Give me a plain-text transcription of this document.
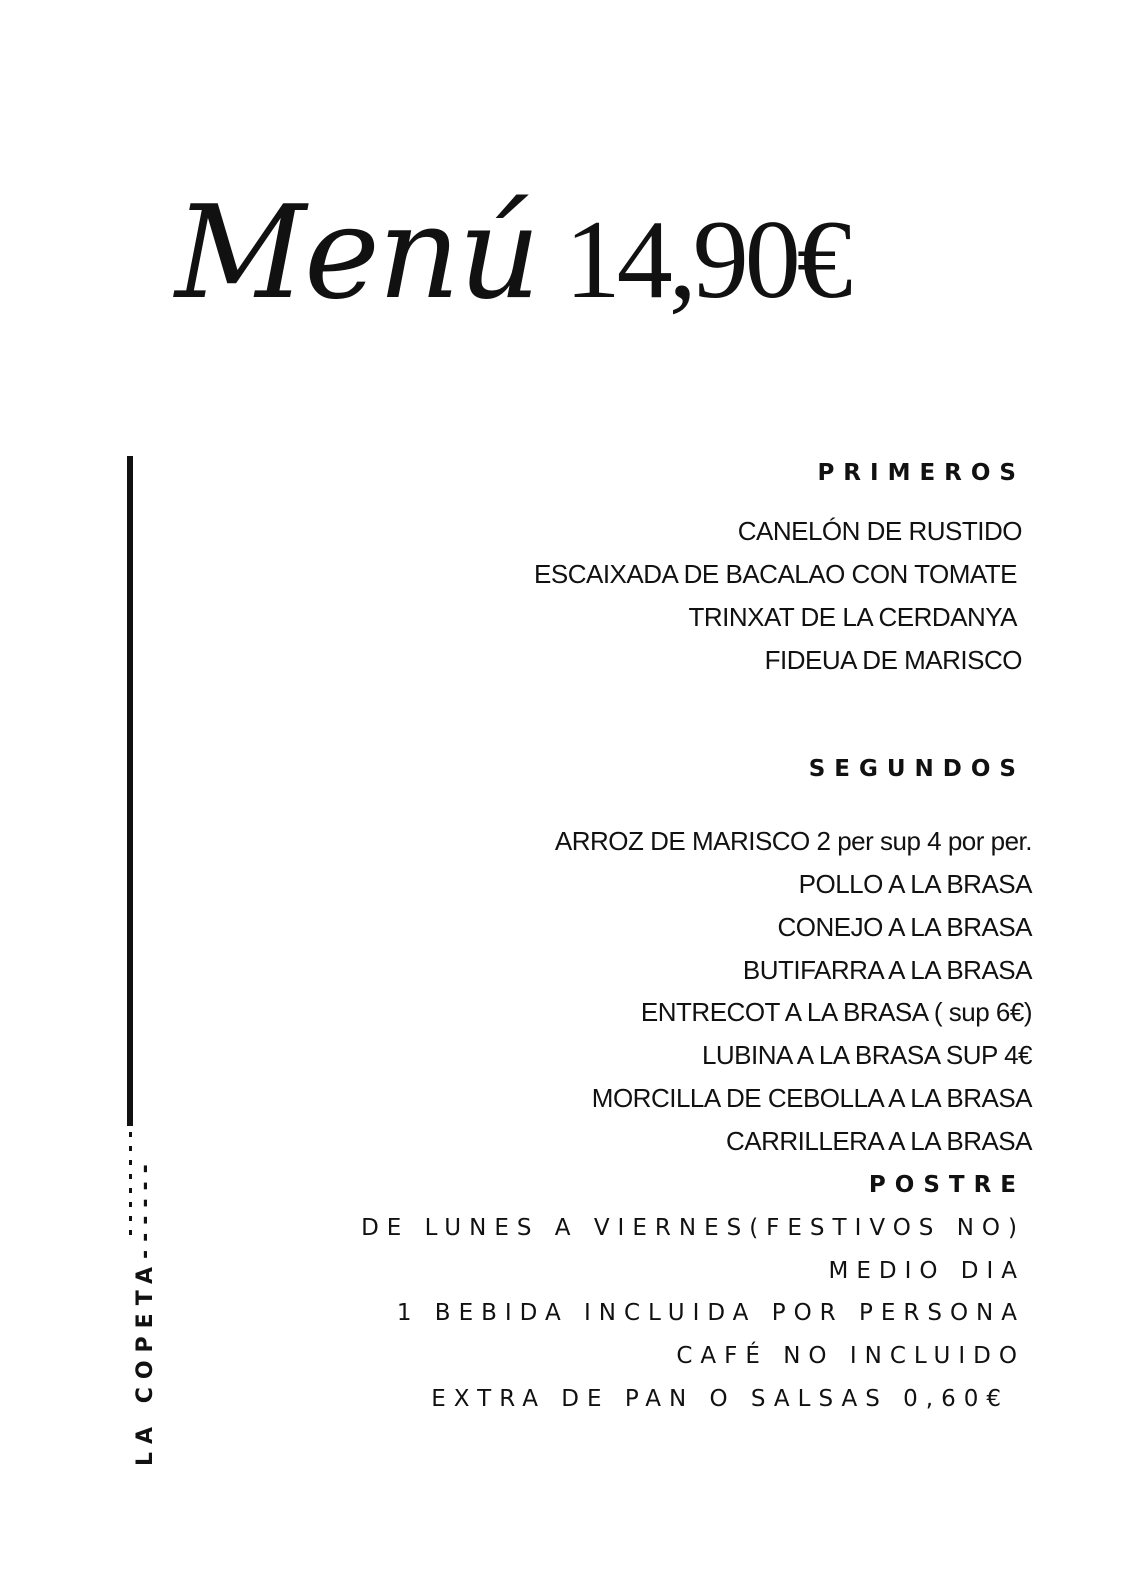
Menú 14,90€
LA COPETA------
PRIMEROS
CANELÓN DE RUSTIDO
ESCAIXADA DE BACALAO CON TOMATE
TRINXAT DE LA CERDANYA
FIDEUA DE MARISCO
SEGUNDOS
ARROZ DE MARISCO 2 per sup 4 por per.
POLLO A LA BRASA
CONEJO A LA BRASA
BUTIFARRA A LA BRASA
ENTRECOT A LA BRASA ( sup 6€)
LUBINA A LA BRASA SUP 4€
MORCILLA DE CEBOLLA A LA BRASA
CARRILLERA A LA BRASA
POSTRE
DE LUNES A VIERNES(FESTIVOS NO)
MEDIO DIA
1 BEBIDA INCLUIDA POR PERSONA
CAFÉ NO INCLUIDO
EXTRA DE PAN O SALSAS 0,60€
